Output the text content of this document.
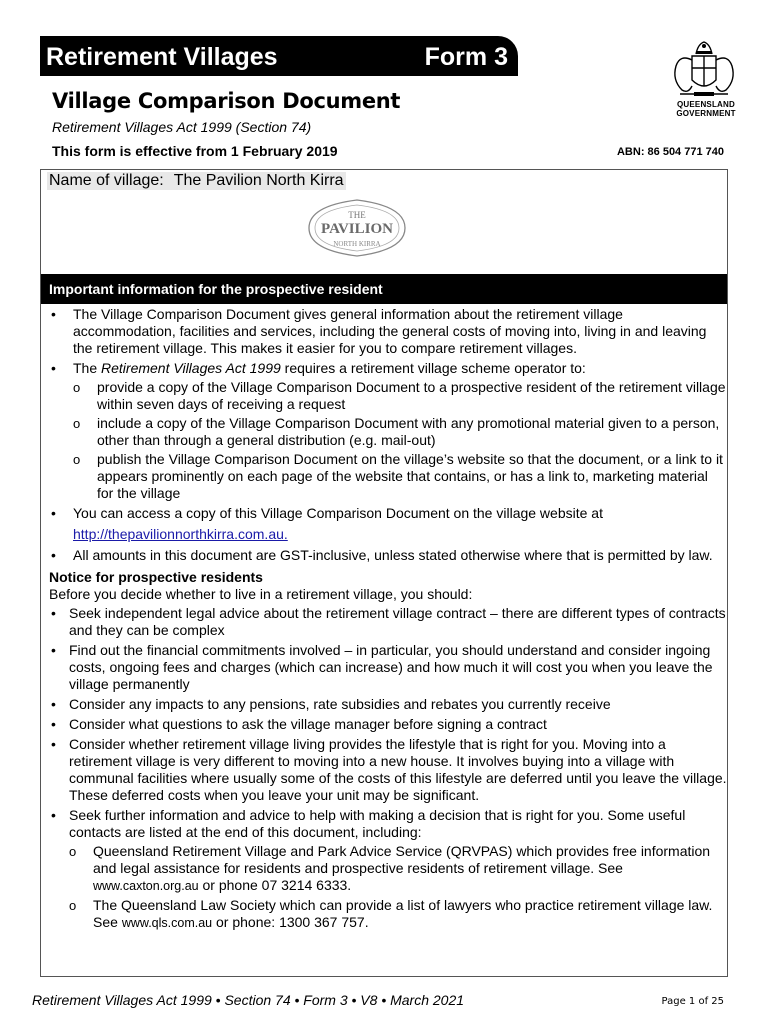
Retirement Villages	Form 3
QUEENSLAND
GOVERNMENT
Village Comparison Document
Retirement Villages Act 1999 (Section 74)
This form is effective from 1 February 2019	ABN: 86 504 771 740
Name of village: The Pavilion North Kirra
THE
PAVILION
NORTH KIRRA
Important information for the prospective resident
• The Village Comparison Document gives general information about the retirement village accommodation, facilities and services, including the general costs of moving into, living in and leaving the retirement village. This makes it easier for you to compare retirement villages.
• The Retirement Villages Act 1999 requires a retirement village scheme operator to:
o provide a copy of the Village Comparison Document to a prospective resident of the retirement village within seven days of receiving a request
o include a copy of the Village Comparison Document with any promotional material given to a person, other than through a general distribution (e.g. mail-out)
o publish the Village Comparison Document on the village’s website so that the document, or a link to it appears prominently on each page of the website that contains, or has a link to, marketing material for the village
• You can access a copy of this Village Comparison Document on the village website at
http://thepavilionnorthkirra.com.au.
• All amounts in this document are GST-inclusive, unless stated otherwise where that is permitted by law.
Notice for prospective residents
Before you decide whether to live in a retirement village, you should:
• Seek independent legal advice about the retirement village contract – there are different types of contracts and they can be complex
• Find out the financial commitments involved – in particular, you should understand and consider ingoing costs, ongoing fees and charges (which can increase) and how much it will cost you when you leave the village permanently
• Consider any impacts to any pensions, rate subsidies and rebates you currently receive
• Consider what questions to ask the village manager before signing a contract
• Consider whether retirement village living provides the lifestyle that is right for you. Moving into a retirement village is very different to moving into a new house. It involves buying into a village with communal facilities where usually some of the costs of this lifestyle are deferred until you leave the village. These deferred costs when you leave your unit may be significant.
• Seek further information and advice to help with making a decision that is right for you. Some useful contacts are listed at the end of this document, including:
o Queensland Retirement Village and Park Advice Service (QRVPAS) which provides free information and legal assistance for residents and prospective residents of retirement village. See www.caxton.org.au or phone 07 3214 6333.
o The Queensland Law Society which can provide a list of lawyers who practice retirement village law. See www.qls.com.au or phone: 1300 367 757.
Retirement Villages Act 1999 • Section 74 • Form 3 • V8 • March 2021	Page 1 of 25
